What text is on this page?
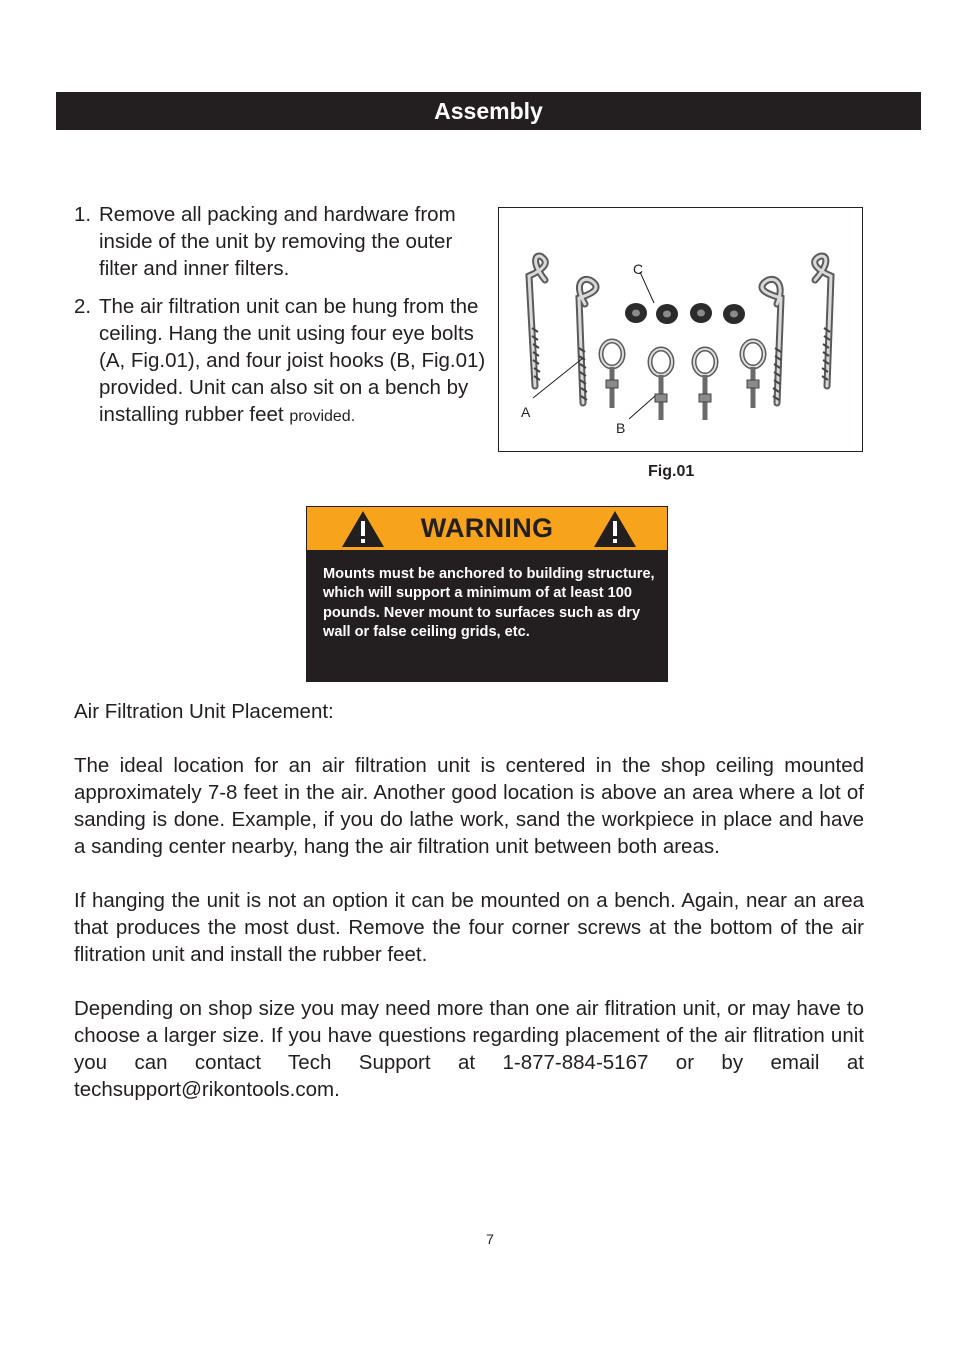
Assembly
1. Remove all packing and hardware from inside of the unit by removing the outer filter and inner filters.
2. The air filtration unit can be hung from the ceiling. Hang the unit using four eye bolts (A, Fig.01), and four joist hooks (B, Fig.01) provided. Unit can also sit on a bench by installing rubber feet provided.
C
A
B
Fig.01
WARNING
Mounts must be anchored to building structure, which will support a minimum of at least 100 pounds. Never mount to surfaces such as dry wall or false ceiling grids, etc.

Air Filtration Unit Placement:

The ideal location for an air filtration unit is centered in the shop ceiling mounted approximately 7-8 feet in the air. Another good location is above an area where a lot of sanding is done. Example, if you do lathe work, sand the workpiece in place and have a sanding center nearby, hang the air filtration unit between both areas.

If hanging the unit is not an option it can be mounted on a bench. Again, near an area that produces the most dust. Remove the four corner screws at the bottom of the air flitration unit and install the rubber feet.

Depending on shop size you may need more than one air flitration unit, or may have to choose a larger size. If you have questions regarding placement of the air flitration unit you can contact Tech Support at 1-877-884-5167 or by email at techsupport@rikontools.com.

7
